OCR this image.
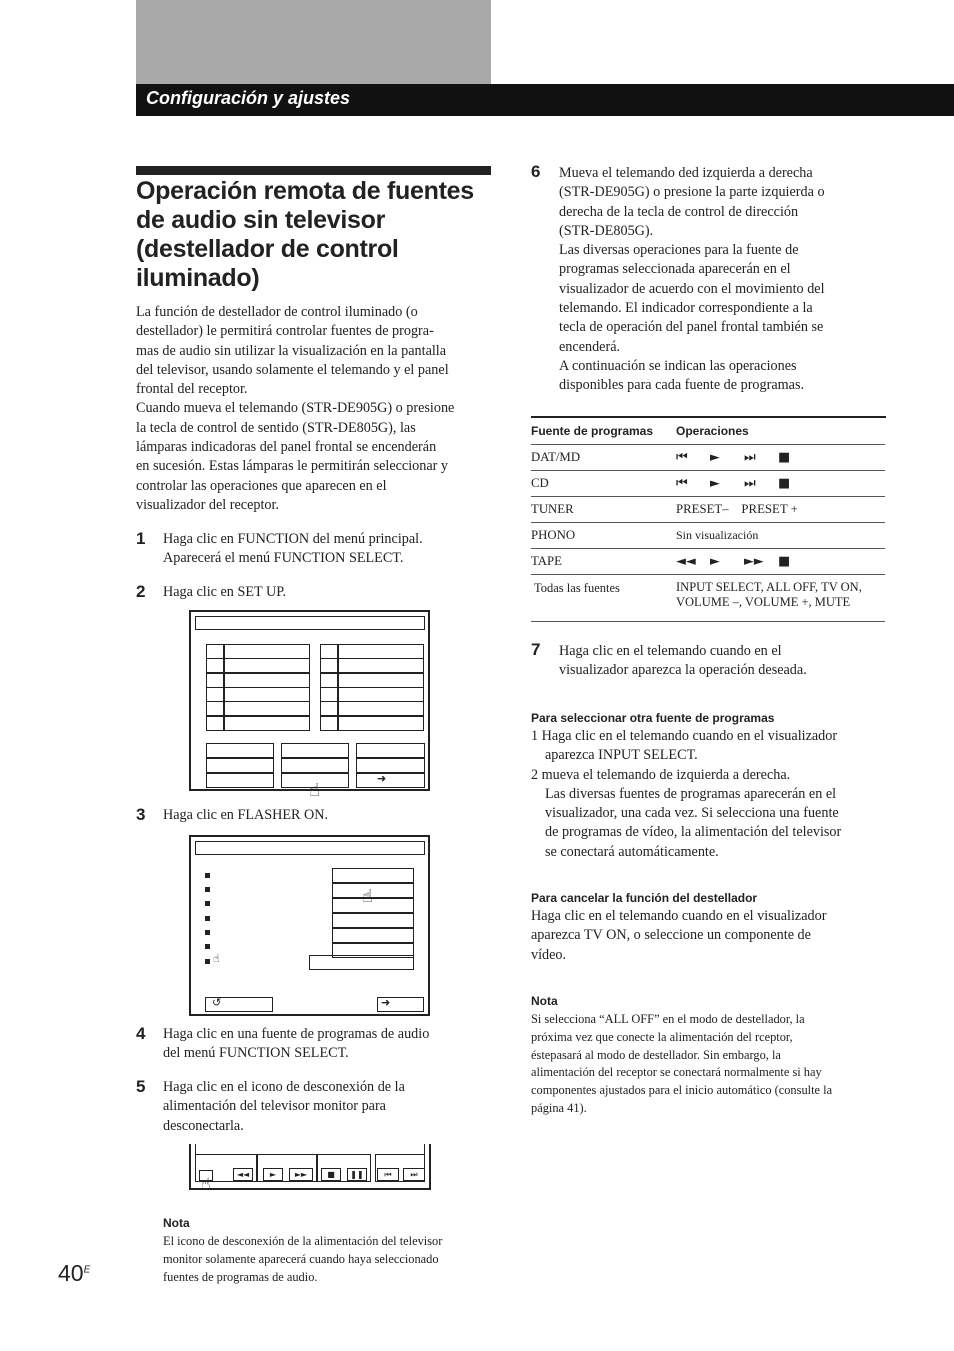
Configuración y ajustes
Operación remota de fuentes
de audio sin televisor
(destellador de control
iluminado)
La función de destellador de control iluminado (o
destellador) le permitirá controlar fuentes de progra-
mas de audio sin utilizar la visualización en la pantalla
del televisor, usando solamente el telemando y el panel
frontal del receptor.
Cuando mueva el telemando (STR-DE905G) o presione
la tecla de control de sentido (STR-DE805G), las
lámparas indicadoras del panel frontal se encenderán
en sucesión. Estas lámparas le permitirán seleccionar y
controlar las operaciones que aparecen en el
visualizador del receptor.
1 Haga clic en FUNCTION del menú principal.
Aparecerá el menú FUNCTION SELECT.
2 Haga clic en SET UP.
➜
☝
3 Haga clic en FLASHER ON.
☝
☝
↺	➜
4 Haga clic en una fuente de programas de audio
del menú FUNCTION SELECT.
5 Haga clic en el icono de desconexión de la
alimentación del televisor monitor para
desconectarla.
◄◄	►	►►	■	❚❚	⏮	⏭
☝
Nota
El icono de desconexión de la alimentación del televisor
monitor solamente aparecerá cuando haya seleccionado
fuentes de programas de audio.
$40^E$
6 Mueva el telemando ded izquierda a derecha
(STR-DE905G) o presione la parte izquierda o
derecha de la tecla de control de dirección
(STR-DE805G).
Las diversas operaciones para la fuente de
programas seleccionada aparecerán en el
visualizador de acuerdo con el movimiento del
telemando. El indicador correspondiente a la
tecla de operación del panel frontal también se
encenderá.
A continuación se indican las operaciones
disponibles para cada fuente de programas.
Fuente de programas	Operaciones
DAT/MD	⏮ ► ⏭ ■
CD	⏮ ► ⏭ ■
TUNER	PRESET–    PRESET +
PHONO	Sin visualización
TAPE	◄◄ ► ►► ■
Todas las fuentes	INPUT SELECT, ALL OFF, TV ON,
VOLUME –, VOLUME +, MUTE
7 Haga clic en el telemando cuando en el
visualizador aparezca la operación deseada.
Para seleccionar otra fuente de programas
1 Haga clic en el telemando cuando en el visualizador
aparezca INPUT SELECT.
2 mueva el telemando de izquierda a derecha.
Las diversas fuentes de programas aparecerán en el
visualizador, una cada vez. Si selecciona una fuente
de programas de vídeo, la alimentación del televisor
se conectará automáticamente.
Para cancelar la función del destellador
Haga clic en el telemando cuando en el visualizador
aparezca TV ON, o seleccione un componente de
vídeo.
Nota
Si selecciona “ALL OFF” en el modo de destellador, la
próxima vez que conecte la alimentación del rceptor,
éstepasará al modo de destellador. Sin embargo, la
alimentación del receptor se conectará normalmente si hay
componentes ajustados para el inicio automático (consulte la
página 41).
